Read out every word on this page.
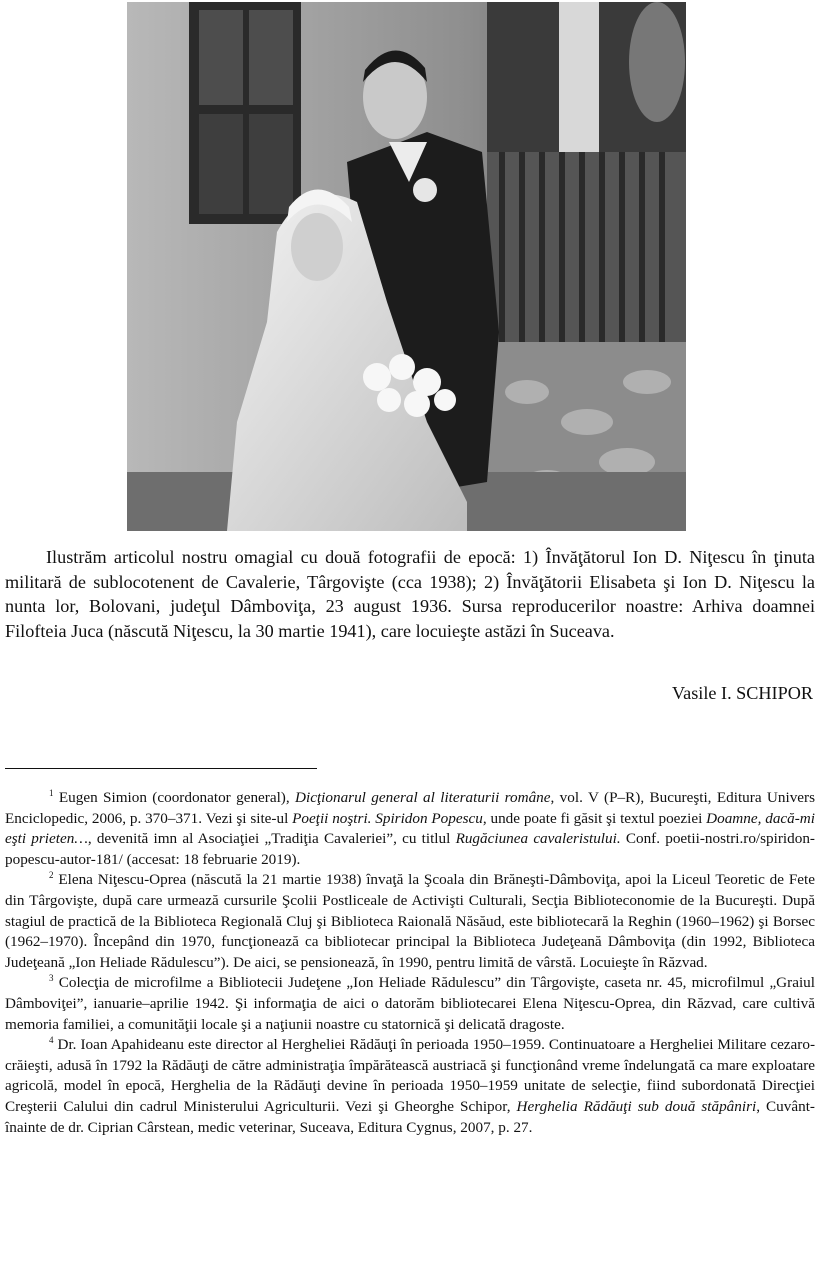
Ilustrăm articolul nostru omagial cu două fotografii de epocă: 1) Învăţătorul Ion D. Niţescu în ţinuta militară de sublocotenent de Cavalerie, Târgovişte (cca 1938); 2) Învăţătorii Elisabeta şi Ion D. Niţescu la nunta lor, Bolovani, judeţul Dâmboviţa, 23 august 1936. Sursa reproducerilor noastre: Arhiva doamnei Filofteia Juca (născută Niţescu, la 30 martie 1941), care locuieşte astăzi în Suceava.

Vasile I. SCHIPOR

$^1$ Eugen Simion (coordonator general), Dicţionarul general al literaturii române, vol. V (P–R), Bucureşti, Editura Univers Enciclopedic, 2006, p. 370–371. Vezi şi site-ul Poeţii noştri. Spiridon Popescu, unde poate fi găsit şi textul poeziei Doamne, dacă-mi eşti prieten…, devenită imn al Asociaţiei „Tradiţia Cavaleriei”, cu titlul Rugăciunea cavaleristului. Conf. poetii-nostri.ro/spiridon-popescu-autor-181/ (accesat: 18 februarie 2019).

$^2$ Elena Niţescu-Oprea (născută la 21 martie 1938) învaţă la Şcoala din Brăneşti-Dâmboviţa, apoi la Liceul Teoretic de Fete din Târgovişte, după care urmează cursurile Şcolii Postliceale de Activişti Culturali, Secţia Biblioteconomie de la Bucureşti. După stagiul de practică de la Biblioteca Regională Cluj şi Biblioteca Raională Năsăud, este bibliotecară la Reghin (1960–1962) şi Borsec (1962–1970). Începând din 1970, funcţionează ca bibliotecar principal la Biblioteca Judeţeană Dâmboviţa (din 1992, Biblioteca Judeţeană „Ion Heliade Rădulescu”). De aici, se pensionează, în 1990, pentru limită de vârstă. Locuieşte în Răzvad.

$^3$ Colecţia de microfilme a Bibliotecii Judeţene „Ion Heliade Rădulescu” din Târgovişte, caseta nr. 45, microfilmul „Graiul Dâmboviţei”, ianuarie–aprilie 1942. Şi informaţia de aici o datorăm bibliotecarei Elena Niţescu-Oprea, din Răzvad, care cultivă memoria familiei, a comunităţii locale şi a naţiunii noastre cu statornică şi delicată dragoste.

$^4$ Dr. Ioan Apahideanu este director al Hergheliei Rădăuţi în perioada 1950–1959. Continuatoare a Hergheliei Militare cezaro-crăieşti, adusă în 1792 la Rădăuţi de către administraţia împărătească austriacă şi funcţionând vreme îndelungată ca mare exploatare agricolă, model în epocă, Herghelia de la Rădăuţi devine în perioada 1950–1959 unitate de selecţie, fiind subordonată Direcţiei Creşterii Calului din cadrul Ministerului Agriculturii. Vezi şi Gheorghe Schipor, Herghelia Rădăuţi sub două stăpâniri, Cuvânt-înainte de dr. Ciprian Cârstean, medic veterinar, Suceava, Editura Cygnus, 2007, p. 27.
